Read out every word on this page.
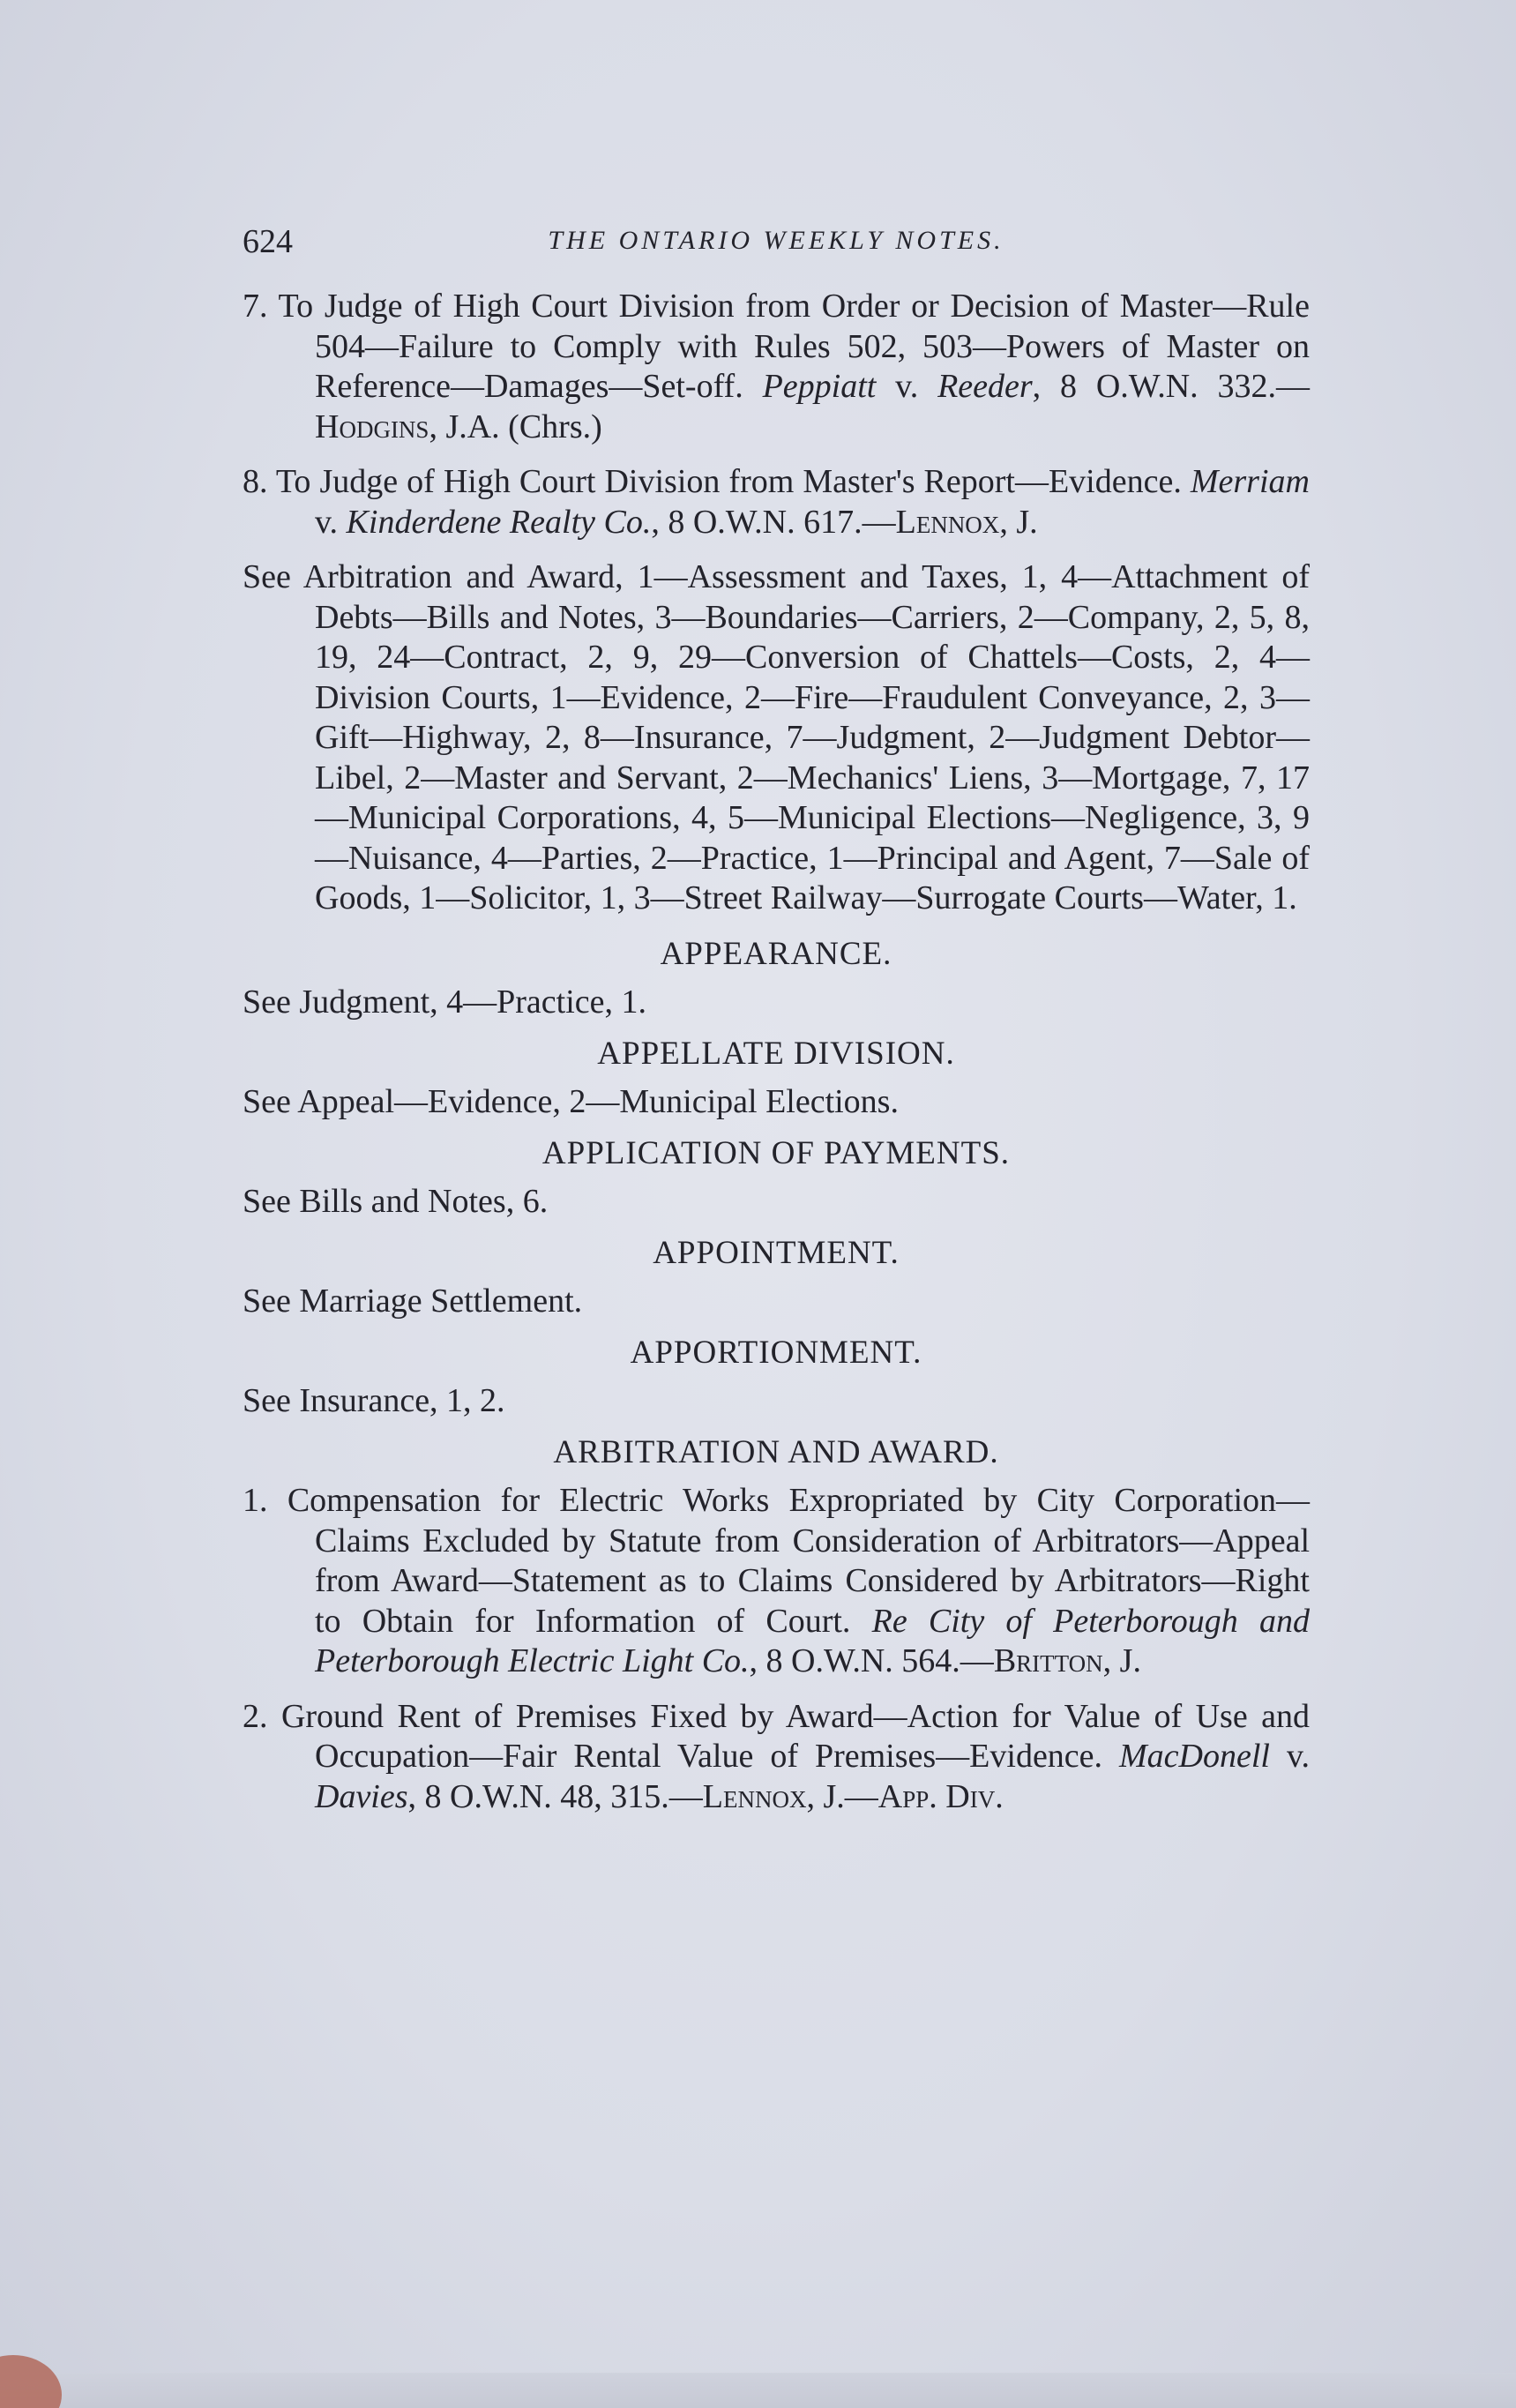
624	THE ONTARIO WEEKLY NOTES.

7. To Judge of High Court Division from Order or Decision of Master—Rule 504—Failure to Comply with Rules 502, 503—Powers of Master on Reference—Damages—Set-off. Peppiatt v. Reeder, 8 O.W.N. 332.—Hodgins, J.A. (Chrs.)

8. To Judge of High Court Division from Master's Report—Evidence. Merriam v. Kinderdene Realty Co., 8 O.W.N. 617.—Lennox, J.

See Arbitration and Award, 1—Assessment and Taxes, 1, 4—Attachment of Debts—Bills and Notes, 3—Boundaries—Carriers, 2—Company, 2, 5, 8, 19, 24—Contract, 2, 9, 29—Conversion of Chattels—Costs, 2, 4—Division Courts, 1—Evidence, 2—Fire—Fraudulent Conveyance, 2, 3—Gift—Highway, 2, 8—Insurance, 7—Judgment, 2—Judgment Debtor—Libel, 2—Master and Servant, 2—Mechanics' Liens, 3—Mortgage, 7, 17—Municipal Corporations, 4, 5—Municipal Elections—Negligence, 3, 9—Nuisance, 4—Parties, 2—Practice, 1—Principal and Agent, 7—Sale of Goods, 1—Solicitor, 1, 3—Street Railway—Surrogate Courts—Water, 1.

APPEARANCE.

See Judgment, 4—Practice, 1.

APPELLATE DIVISION.

See Appeal—Evidence, 2—Municipal Elections.

APPLICATION OF PAYMENTS.

See Bills and Notes, 6.

APPOINTMENT.

See Marriage Settlement.

APPORTIONMENT.

See Insurance, 1, 2.

ARBITRATION AND AWARD.

1. Compensation for Electric Works Expropriated by City Corporation—Claims Excluded by Statute from Consideration of Arbitrators—Appeal from Award—Statement as to Claims Considered by Arbitrators—Right to Obtain for Information of Court. Re City of Peterborough and Peterborough Electric Light Co., 8 O.W.N. 564.—Britton, J.

2. Ground Rent of Premises Fixed by Award—Action for Value of Use and Occupation—Fair Rental Value of Premises—Evidence. MacDonell v. Davies, 8 O.W.N. 48, 315.—Lennox, J.—App. Div.
